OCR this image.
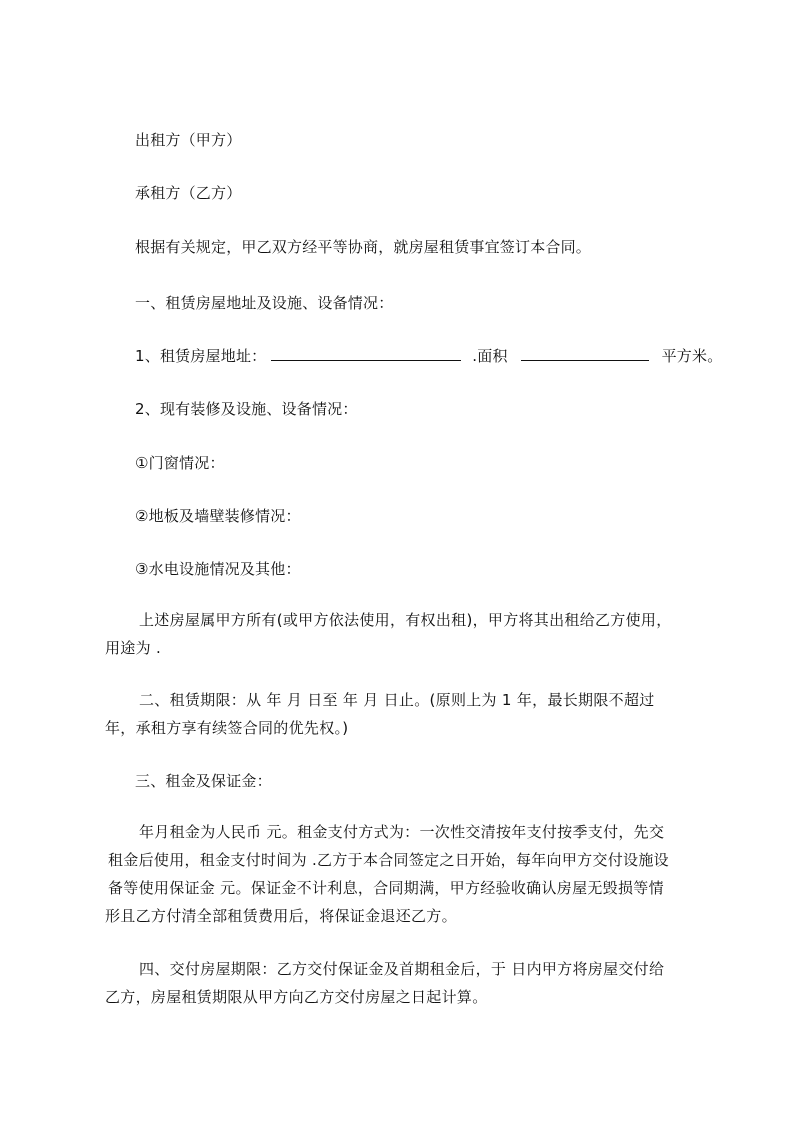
出租方（甲方）
承租方（乙方）
根据有关规定，甲乙双方经平等协商，就房屋租赁事宜签订本合同。
一、租赁房屋地址及设施、设备情况：
1、租赁房屋地址：	.面积	平方米。
2、现有装修及设施、设备情况：
①门窗情况：
②地板及墙壁装修情况：
③水电设施情况及其他：
上述房屋属甲方所有(或甲方依法使用，有权出租)，甲方将其出租给乙方使用，
用途为 .
二、租赁期限：从 年 月 日至 年 月 日止。(原则上为 1 年，最长期限不超过
年，承租方享有续签合同的优先权。)
三、租金及保证金：
年月租金为人民币 元。租金支付方式为：一次性交清按年支付按季支付，先交
租金后使用，租金支付时间为 .乙方于本合同签定之日开始，每年向甲方交付设施设
备等使用保证金 元。保证金不计利息，合同期满，甲方经验收确认房屋无毁损等情
形且乙方付清全部租赁费用后，将保证金退还乙方。
四、交付房屋期限：乙方交付保证金及首期租金后，于 日内甲方将房屋交付给
乙方，房屋租赁期限从甲方向乙方交付房屋之日起计算。
